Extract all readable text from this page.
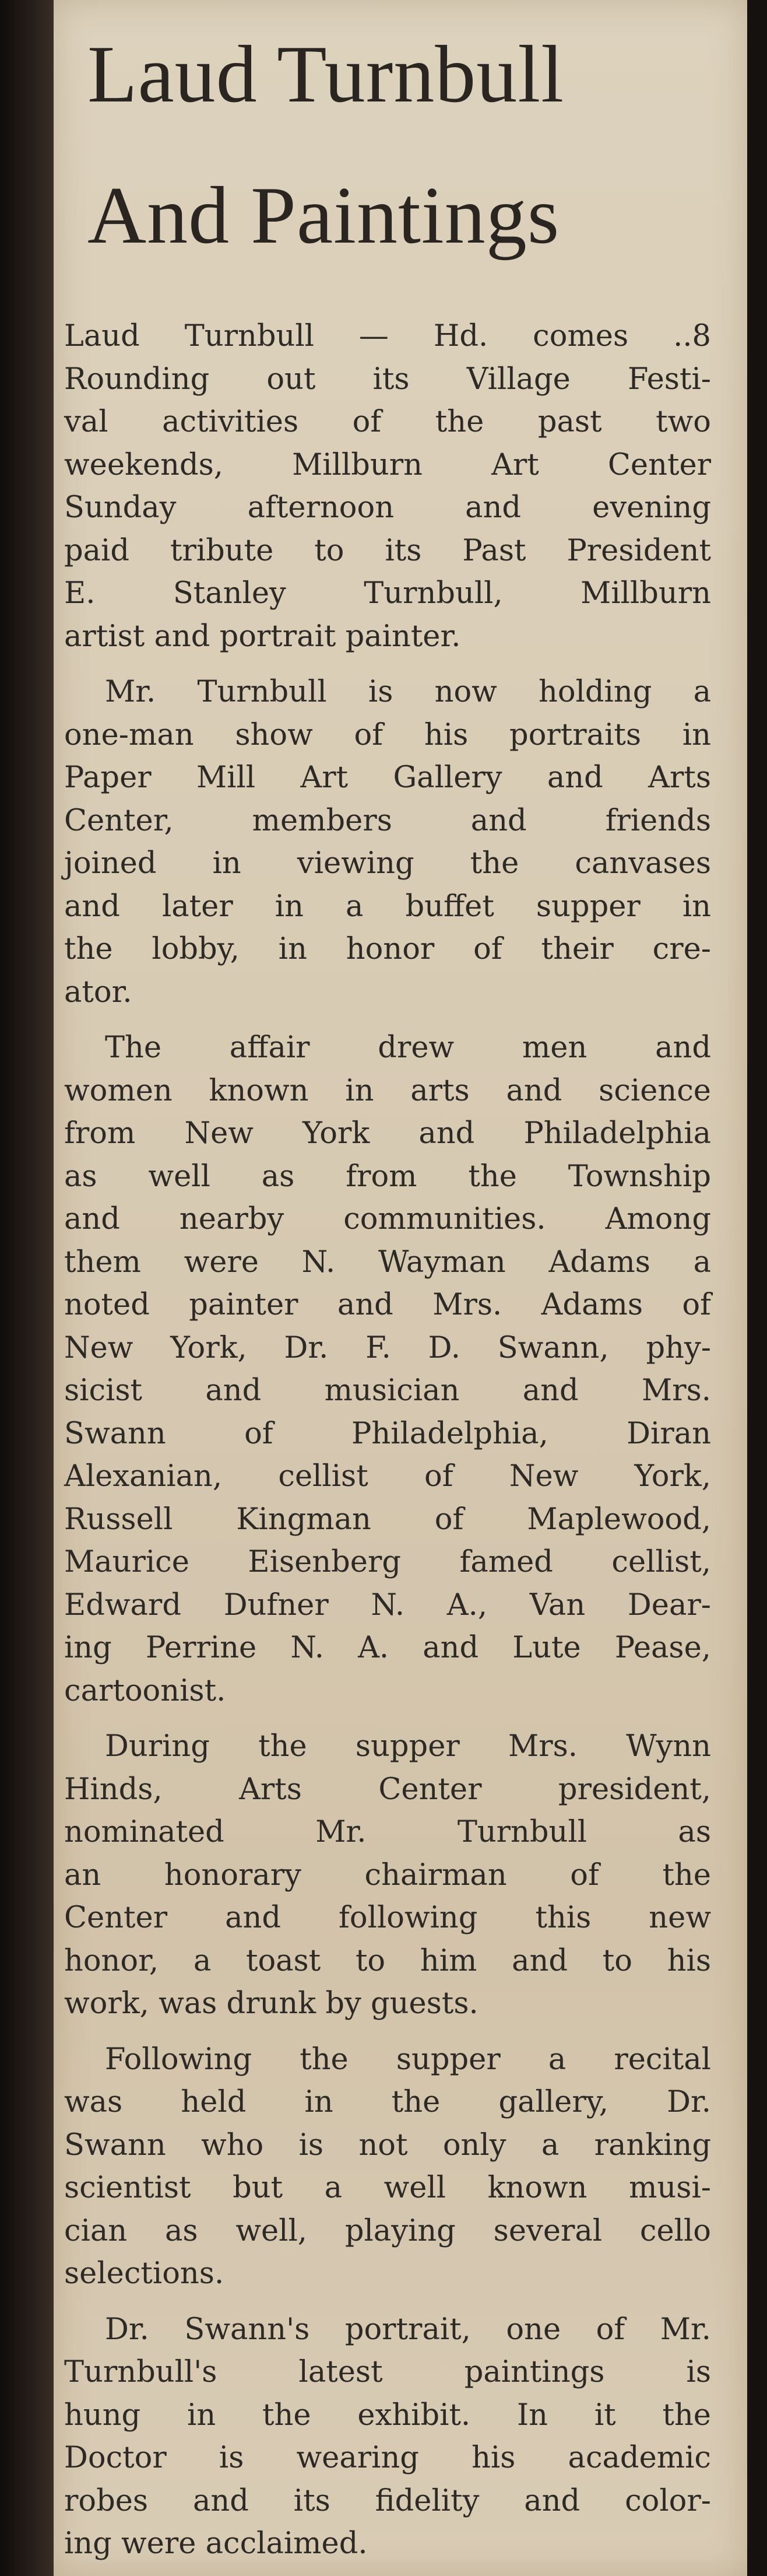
Laud Turnbull
And Paintings
Laud Turnbull — Hd. comes ..8
Rounding out its Village Festi-
val activities of the past two
weekends, Millburn Art Center
Sunday afternoon and evening
paid tribute to its Past President
E. Stanley Turnbull, Millburn
artist and portrait painter.
Mr. Turnbull is now holding a
one-man show of his portraits in
Paper Mill Art Gallery and Arts
Center, members and friends
joined in viewing the canvases
and later in a buffet supper in
the lobby, in honor of their cre-
ator.
The affair drew men and
women known in arts and science
from New York and Philadelphia
as well as from the Township
and nearby communities. Among
them were N. Wayman Adams a
noted painter and Mrs. Adams of
New York, Dr. F. D. Swann, phy-
sicist and musician and Mrs.
Swann of Philadelphia, Diran
Alexanian, cellist of New York,
Russell Kingman of Maplewood,
Maurice Eisenberg famed cellist,
Edward Dufner N. A., Van Dear-
ing Perrine N. A. and Lute Pease,
cartoonist.
During the supper Mrs. Wynn
Hinds, Arts Center president,
nominated Mr. Turnbull as
an honorary chairman of the
Center and following this new
honor, a toast to him and to his
work, was drunk by guests.
Following the supper a recital
was held in the gallery, Dr.
Swann who is not only a ranking
scientist but a well known musi-
cian as well, playing several cello
selections.
Dr. Swann's portrait, one of Mr.
Turnbull's latest paintings is
hung in the exhibit. In it the
Doctor is wearing his academic
robes and its fidelity and color-
ing were acclaimed.
